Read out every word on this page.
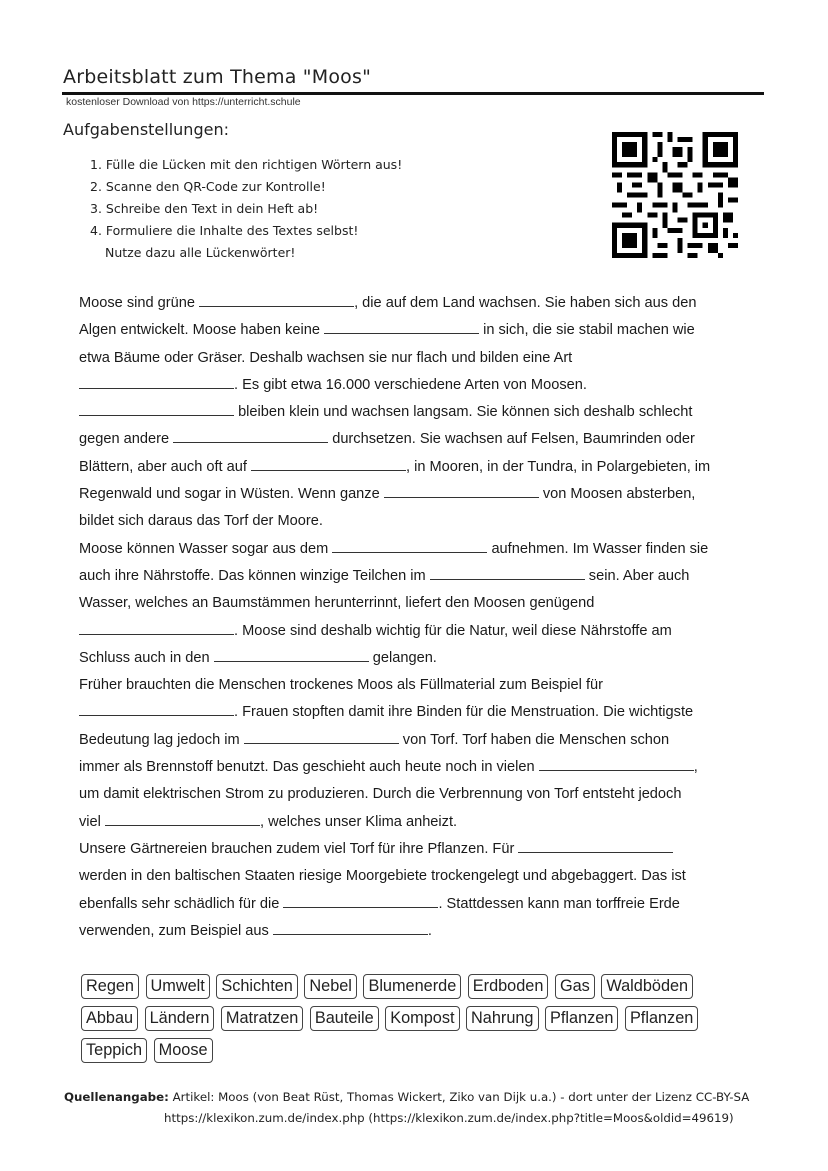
Arbeitsblatt zum Thema "Moos"
kostenloser Download von https://unterricht.schule
Aufgabenstellungen:
1. Fülle die Lücken mit den richtigen Wörtern aus!
2. Scanne den QR-Code zur Kontrolle!
3. Schreibe den Text in dein Heft ab!
4. Formuliere die Inhalte des Textes selbst!
Nutze dazu alle Lückenwörter!
Moose sind grüne	, die auf dem Land wachsen. Sie haben sich aus den
Algen entwickelt. Moose haben keine	in sich, die sie stabil machen wie
etwa Bäume oder Gräser. Deshalb wachsen sie nur flach und bilden eine Art
. Es gibt etwa 16.000 verschiedene Arten von Moosen.
bleiben klein und wachsen langsam. Sie können sich deshalb schlecht
gegen andere	durchsetzen. Sie wachsen auf Felsen, Baumrinden oder
Blättern, aber auch oft auf	, in Mooren, in der Tundra, in Polargebieten, im
Regenwald und sogar in Wüsten. Wenn ganze	von Moosen absterben,
bildet sich daraus das Torf der Moore.
Moose können Wasser sogar aus dem	aufnehmen. Im Wasser finden sie
auch ihre Nährstoffe. Das können winzige Teilchen im	sein. Aber auch
Wasser, welches an Baumstämmen herunterrinnt, liefert den Moosen genügend
. Moose sind deshalb wichtig für die Natur, weil diese Nährstoffe am
Schluss auch in den	gelangen.
Früher brauchten die Menschen trockenes Moos als Füllmaterial zum Beispiel für
. Frauen stopften damit ihre Binden für die Menstruation. Die wichtigste
Bedeutung lag jedoch im	von Torf. Torf haben die Menschen schon
immer als Brennstoff benutzt. Das geschieht auch heute noch in vielen	,
um damit elektrischen Strom zu produzieren. Durch die Verbrennung von Torf entsteht jedoch
viel	, welches unser Klima anheizt.
Unsere Gärtnereien brauchen zudem viel Torf für ihre Pflanzen. Für
werden in den baltischen Staaten riesige Moorgebiete trockengelegt und abgebaggert. Das ist
ebenfalls sehr schädlich für die	. Stattdessen kann man torffreie Erde
verwenden, zum Beispiel aus	.
Regen Umwelt Schichten Nebel Blumenerde Erdboden Gas Waldböden
Abbau Ländern Matratzen Bauteile Kompost Nahrung Pflanzen Pflanzen
Teppich Moose
Quellenangabe: Artikel: Moos (von Beat Rüst, Thomas Wickert, Ziko van Dijk u.a.) - dort unter der Lizenz CC-BY-SA
https://klexikon.zum.de/index.php (https://klexikon.zum.de/index.php?title=Moos&oldid=49619)
